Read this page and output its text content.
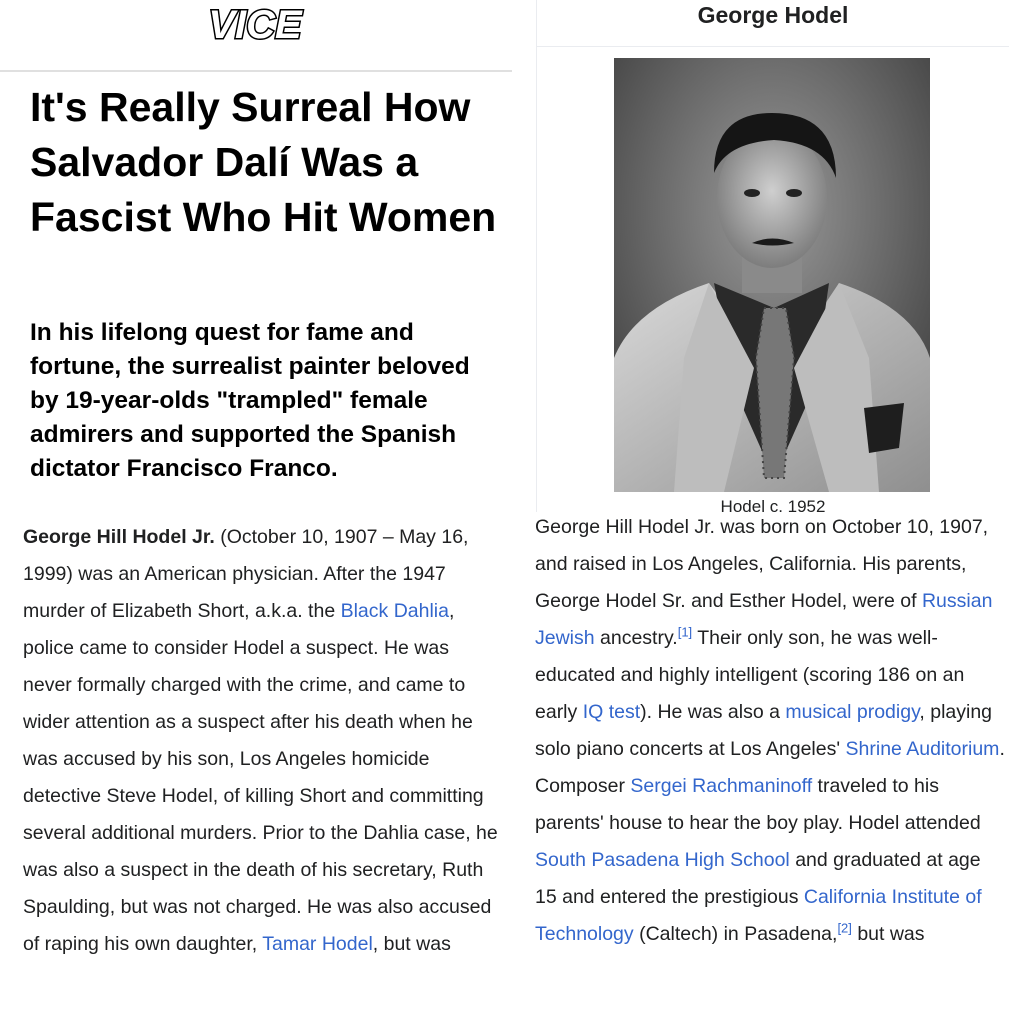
VICE
It's Really Surreal How Salvador Dalí Was a Fascist Who Hit Women
In his lifelong quest for fame and fortune, the surrealist painter beloved by 19-year-olds "trampled" female admirers and supported the Spanish dictator Francisco Franco.
George Hodel
Hodel c. 1952
George Hill Hodel Jr. (October 10, 1907 – May 16, 1999) was an American physician. After the 1947 murder of Elizabeth Short, a.k.a. the Black Dahlia, police came to consider Hodel a suspect. He was never formally charged with the crime, and came to wider attention as a suspect after his death when he was accused by his son, Los Angeles homicide detective Steve Hodel, of killing Short and committing several additional murders. Prior to the Dahlia case, he was also a suspect in the death of his secretary, Ruth Spaulding, but was not charged. He was also accused of raping his own daughter, Tamar Hodel, but was
George Hill Hodel Jr. was born on October 10, 1907, and raised in Los Angeles, California. His parents, George Hodel Sr. and Esther Hodel, were of Russian Jewish ancestry.[1] Their only son, he was well-educated and highly intelligent (scoring 186 on an early IQ test). He was also a musical prodigy, playing solo piano concerts at Los Angeles' Shrine Auditorium. Composer Sergei Rachmaninoff traveled to his parents' house to hear the boy play. Hodel attended South Pasadena High School and graduated at age 15 and entered the prestigious California Institute of Technology (Caltech) in Pasadena,[2] but was
